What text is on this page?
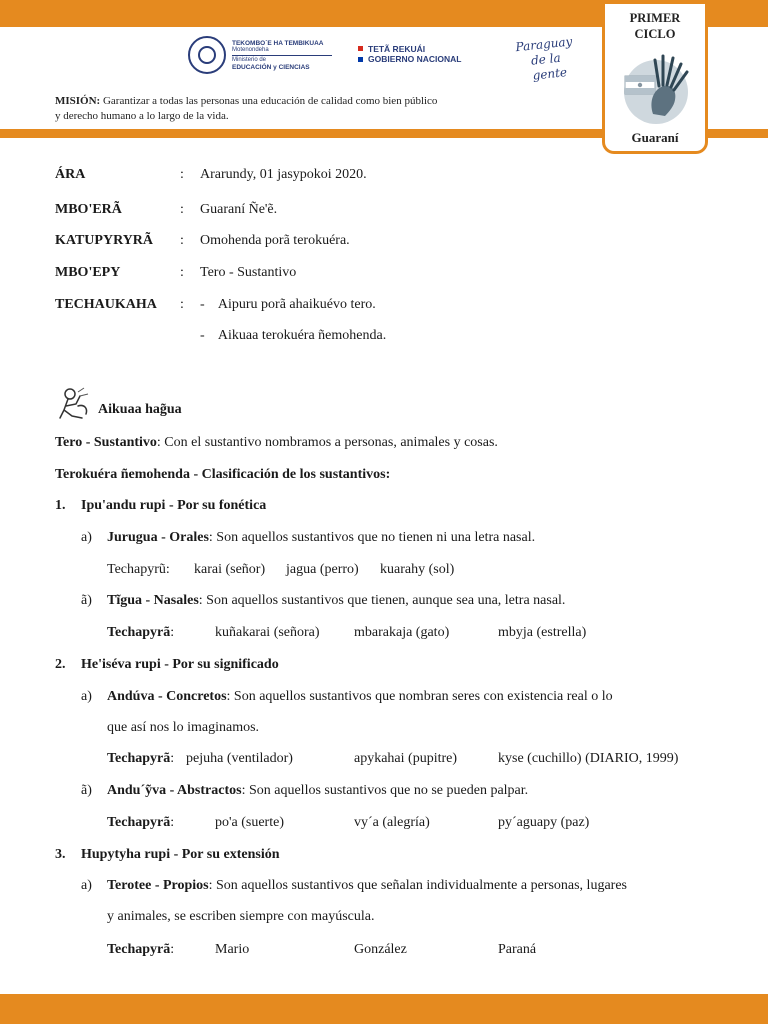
TEKOMBO´E HA TEMBIKUAA
Motenondeha
Ministerio de
EDUCACIÓN y CIENCIAS
TETÃ REKUÁI
GOBIERNO NACIONAL
Paraguay
de la gente
PRIMER
CICLO
Guaraní
MISIÓN: Garantizar a todas las personas una educación de calidad como bien público
y derecho humano a lo largo de la vida.
ÁRA	:	Ararundy, 01 jasypokoi 2020.
MBO'ERÃ	:	Guaraní Ñe'ẽ.
KATUPYRYRÃ	:	Omohenda porã terokuéra.
MBO'EPY	:	Tero - Sustantivo
TECHAUKAHA	:	-    Aipuru porã ahaikuévo tero.
-    Aikuaa terokuéra ñemohenda.
Aikuaa hag̃ua
Tero - Sustantivo: Con el sustantivo nombramos a personas, animales y cosas.
Terokuéra ñemohenda - Clasificación de los sustantivos:
1. Ipu'andu rupi - Por su fonética
a) Jurugua - Orales: Son aquellos sustantivos que no tienen ni una letra nasal.
Techapyrũ: karai (señor) jagua (perro) kuarahy (sol)
ã) Tĩgua - Nasales: Son aquellos sustantivos que tienen, aunque sea una, letra nasal.
Techapyrã:	kuñakarai (señora) mbarakaja (gato)	mbyja (estrella)
2. He'iséva rupi - Por su significado
a) Andúva - Concretos: Son aquellos sustantivos que nombran seres con existencia real o lo
que así nos lo imaginamos.
Techapyrã: pejuha (ventilador)	apykahai (pupitre)	kyse (cuchillo) (DIARIO, 1999)
ã) Andu´ỹva - Abstractos: Son aquellos sustantivos que no se pueden palpar.
Techapyrã:	po'a (suerte)	vy´a (alegría)	py´aguapy (paz)
3. Hupytyha rupi - Por su extensión
a) Terotee - Propios: Son aquellos sustantivos que señalan individualmente a personas, lugares
y animales, se escriben siempre con mayúscula.
Techapyrã:	Mario	González	Paraná
